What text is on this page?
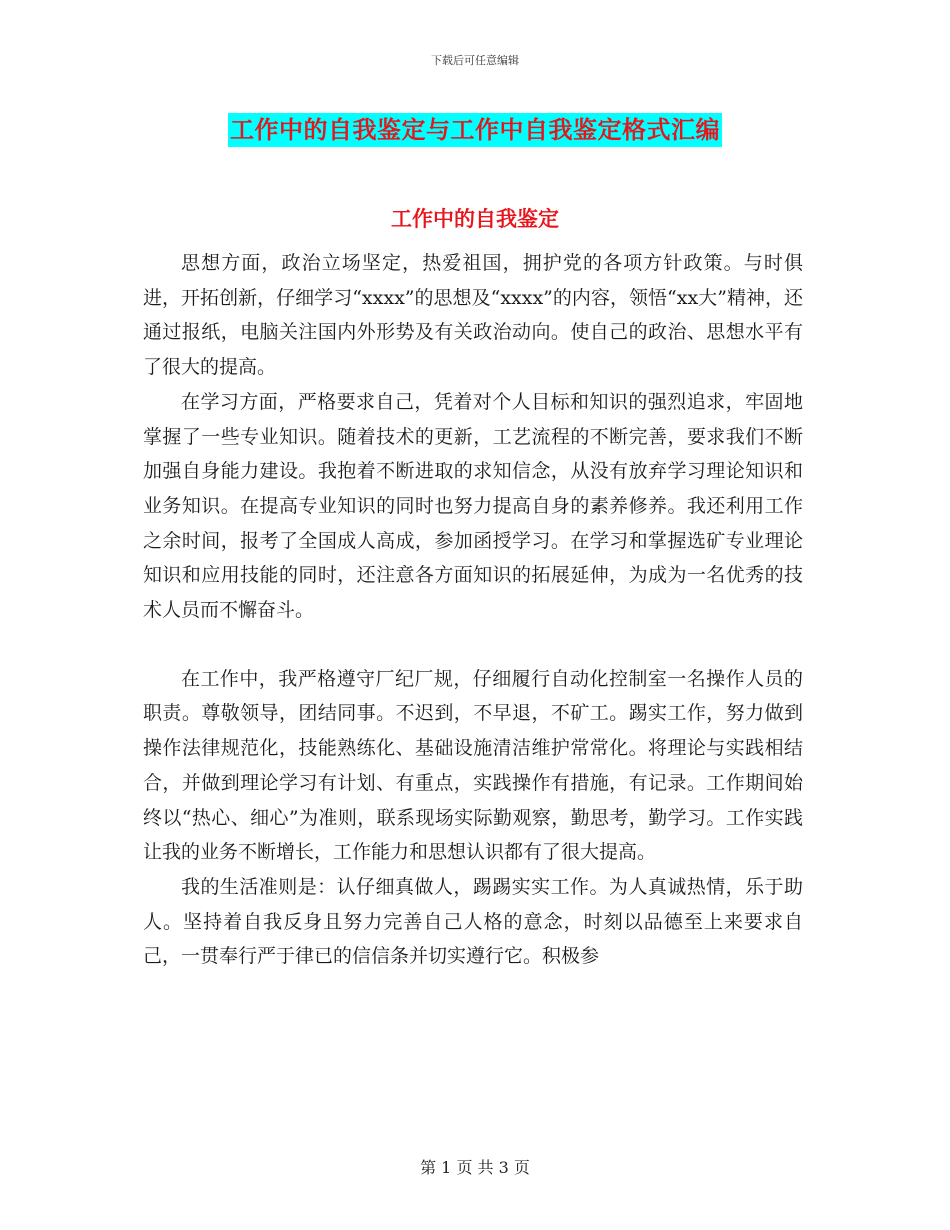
下载后可任意编辑
工作中的自我鉴定与工作中自我鉴定格式汇编
工作中的自我鉴定

思想方面，政治立场坚定，热爱祖国，拥护党的各项方针政策。与时俱进，开拓创新，仔细学习“xxxx”的思想及“xxxx”的内容，领悟“xx大”精神，还通过报纸，电脑关注国内外形势及有关政治动向。使自己的政治、思想水平有了很大的提高。

在学习方面，严格要求自己，凭着对个人目标和知识的强烈追求，牢固地掌握了一些专业知识。随着技术的更新，工艺流程的不断完善，要求我们不断加强自身能力建设。我抱着不断进取的求知信念，从没有放弃学习理论知识和业务知识。在提高专业知识的同时也努力提高自身的素养修养。我还利用工作之余时间，报考了全国成人高成，参加函授学习。在学习和掌握选矿专业理论知识和应用技能的同时，还注意各方面知识的拓展延伸，为成为一名优秀的技术人员而不懈奋斗。

在工作中，我严格遵守厂纪厂规，仔细履行自动化控制室一名操作人员的职责。尊敬领导，团结同事。不迟到，不早退，不矿工。踢实工作，努力做到操作法律规范化，技能熟练化、基础设施清洁维护常常化。将理论与实践相结合，并做到理论学习有计划、有重点，实践操作有措施，有记录。工作期间始终以“热心、细心”为准则，联系现场实际勤观察，勤思考，勤学习。工作实践让我的业务不断增长，工作能力和思想认识都有了很大提高。

我的生活准则是：认仔细真做人，踢踢实实工作。为人真诚热情，乐于助人。坚持着自我反身且努力完善自己人格的意念，时刻以品德至上来要求自己，一贯奉行严于律已的信信条并切实遵行它。积极参

第 1 页 共 3 页
